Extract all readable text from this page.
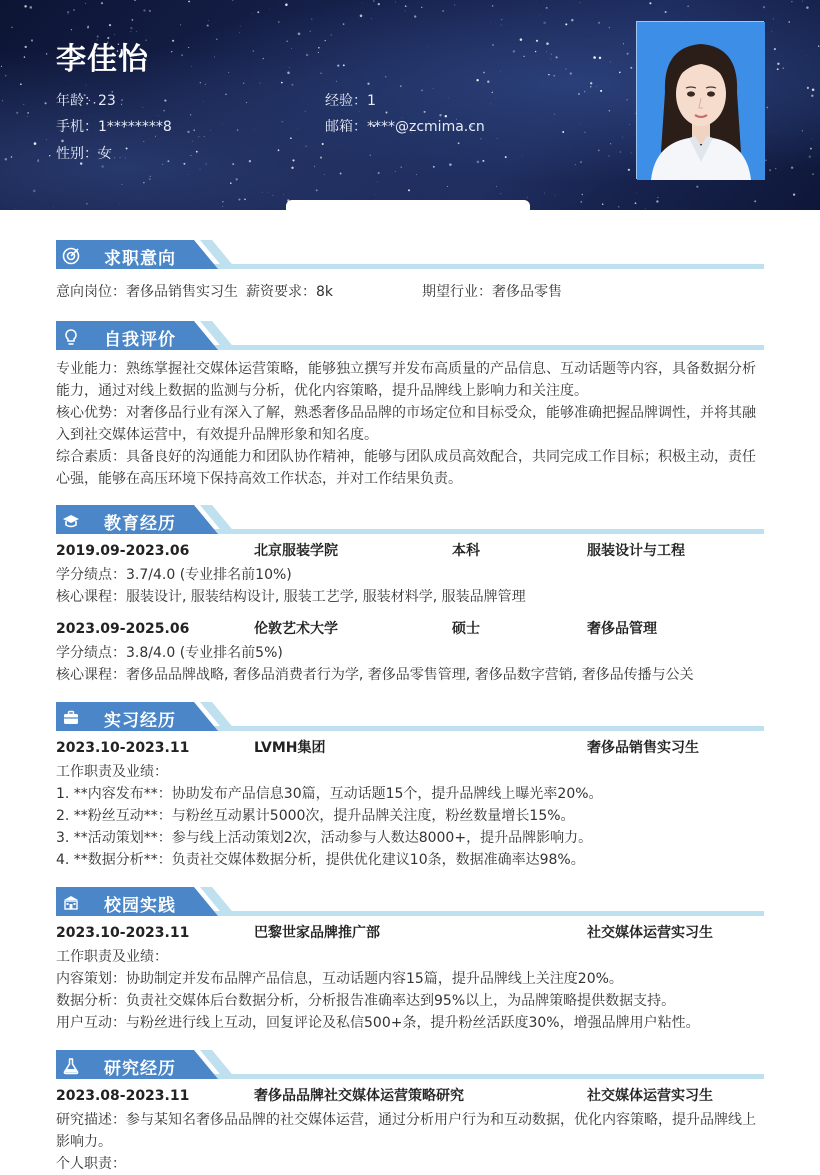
李佳怡
年龄：23	经验：1
手机：1********8	邮箱：****@zcmima.cn
性别：女
求职意向
意向岗位：奢侈品销售实习生 薪资要求：8k	期望行业：奢侈品零售
自我评价
专业能力：熟练掌握社交媒体运营策略，能够独立撰写并发布高质量的产品信息、互动话题等内容，具备数据分析能力，通过对线上数据的监测与分析，优化内容策略，提升品牌线上影响力和关注度。
核心优势：对奢侈品行业有深入了解，熟悉奢侈品品牌的市场定位和目标受众，能够准确把握品牌调性，并将其融入到社交媒体运营中，有效提升品牌形象和知名度。
综合素质：具备良好的沟通能力和团队协作精神，能够与团队成员高效配合，共同完成工作目标；积极主动，责任心强，能够在高压环境下保持高效工作状态，并对工作结果负责。
教育经历
2019.09-2023.06	北京服装学院	本科	服装设计与工程
学分绩点：3.7/4.0 (专业排名前10%)
核心课程：服装设计, 服装结构设计, 服装工艺学, 服装材料学, 服装品牌管理
2023.09-2025.06	伦敦艺术大学	硕士	奢侈品管理
学分绩点：3.8/4.0 (专业排名前5%)
核心课程：奢侈品品牌战略, 奢侈品消费者行为学, 奢侈品零售管理, 奢侈品数字营销, 奢侈品传播与公关
实习经历
2023.10-2023.11	LVMH集团	奢侈品销售实习生
工作职责及业绩：
1. **内容发布**：协助发布产品信息30篇，互动话题15个，提升品牌线上曝光率20%。
2. **粉丝互动**：与粉丝互动累计5000次，提升品牌关注度，粉丝数量增长15%。
3. **活动策划**：参与线上活动策划2次，活动参与人数达8000+，提升品牌影响力。
4. **数据分析**：负责社交媒体数据分析，提供优化建议10条，数据准确率达98%。
校园实践
2023.10-2023.11	巴黎世家品牌推广部	社交媒体运营实习生
工作职责及业绩：
内容策划：协助制定并发布品牌产品信息，互动话题内容15篇，提升品牌线上关注度20%。
数据分析：负责社交媒体后台数据分析，分析报告准确率达到95%以上，为品牌策略提供数据支持。
用户互动：与粉丝进行线上互动，回复评论及私信500+条，提升粉丝活跃度30%，增强品牌用户粘性。
研究经历
2023.08-2023.11	奢侈品品牌社交媒体运营策略研究	社交媒体运营实习生
研究描述：参与某知名奢侈品品牌的社交媒体运营，通过分析用户行为和互动数据，优化内容策略，提升品牌线上影响力。
个人职责：
